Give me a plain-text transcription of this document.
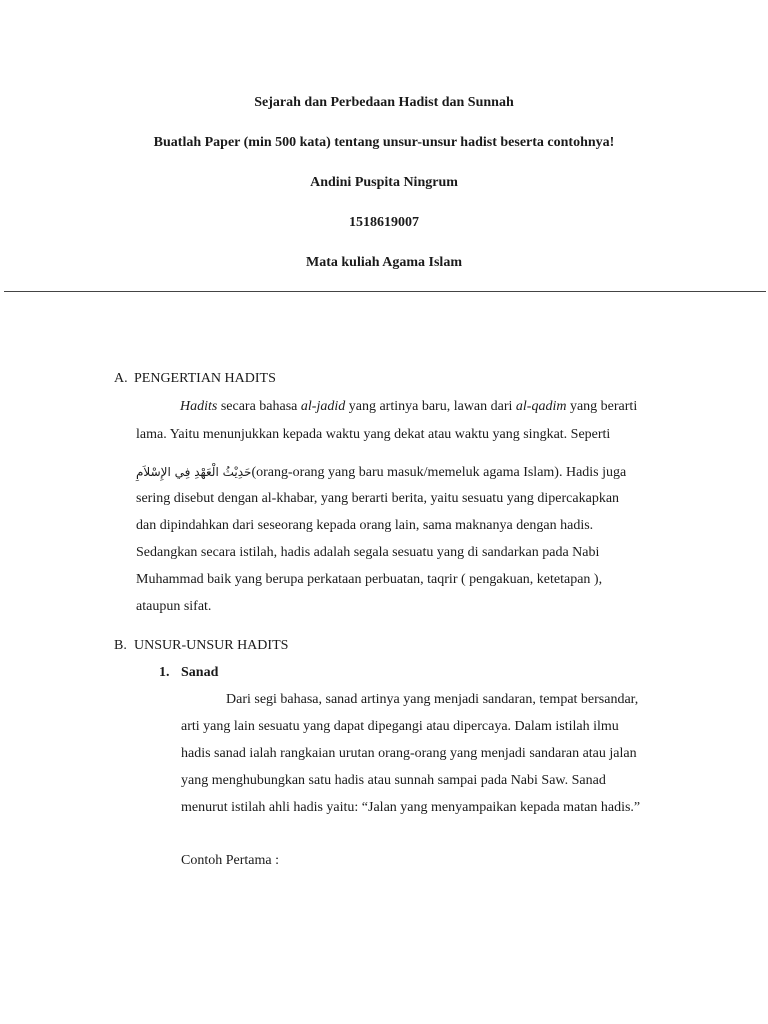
Sejarah dan Perbedaan Hadist dan Sunnah
Buatlah Paper (min 500 kata) tentang unsur-unsur hadist beserta contohnya!
Andini Puspita Ningrum
1518619007
Mata kuliah Agama Islam
A. PENGERTIAN HADITS
Hadits secara bahasa al-jadid yang artinya baru, lawan dari al-qadim yang berarti
lama. Yaitu menunjukkan kepada waktu yang dekat atau waktu yang singkat. Seperti
حَدِيْثُ الْعَهْدِ فِي الإِسْلاَمِ(orang-orang yang baru masuk/memeluk agama Islam). Hadis juga
sering disebut dengan al-khabar, yang berarti berita, yaitu sesuatu yang dipercakapkan
dan dipindahkan dari seseorang kepada orang lain, sama maknanya dengan hadis.
Sedangkan secara istilah, hadis adalah segala sesuatu yang di sandarkan pada Nabi
Muhammad baik yang berupa perkataan perbuatan, taqrir ( pengakuan, ketetapan ),
ataupun sifat.
B. UNSUR-UNSUR HADITS
1. Sanad
Dari segi bahasa, sanad artinya yang menjadi sandaran, tempat bersandar,
arti yang lain sesuatu yang dapat dipegangi atau dipercaya. Dalam istilah ilmu
hadis sanad ialah rangkaian urutan orang-orang yang menjadi sandaran atau jalan
yang menghubungkan satu hadis atau sunnah sampai pada Nabi Saw. Sanad
menurut istilah ahli hadis yaitu: “Jalan yang menyampaikan kepada matan hadis.”
Contoh Pertama :
